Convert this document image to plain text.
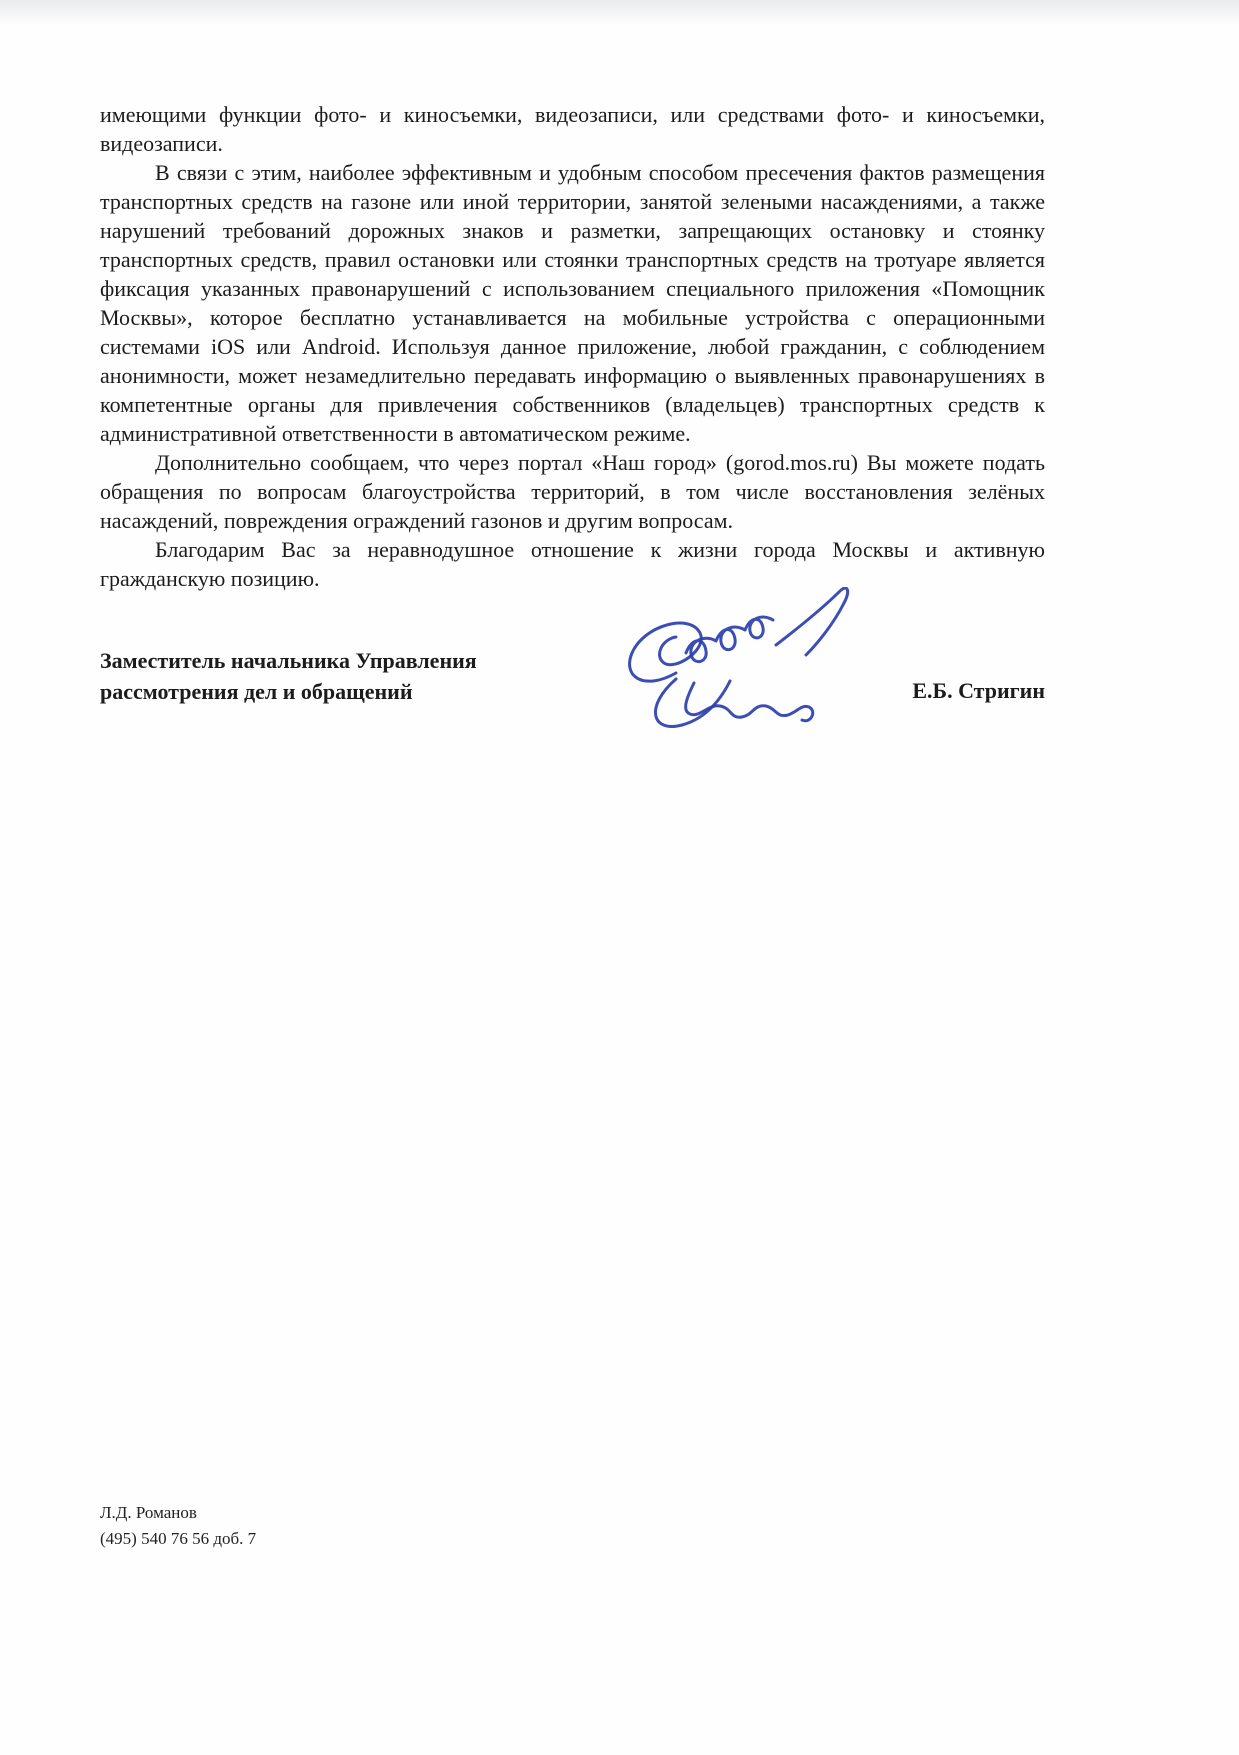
имеющими функции фото- и киносъемки, видеозаписи, или средствами фото- и киносъемки, видеозаписи.

В связи с этим, наиболее эффективным и удобным способом пресечения фактов размещения транспортных средств на газоне или иной территории, занятой зелеными насаждениями, а также нарушений требований дорожных знаков и разметки, запрещающих остановку и стоянку транспортных средств, правил остановки или стоянки транспортных средств на тротуаре является фиксация указанных правонарушений с использованием специального приложения «Помощник Москвы», которое бесплатно устанавливается на мобильные устройства с операционными системами iOS или Android. Используя данное приложение, любой гражданин, с соблюдением анонимности, может незамедлительно передавать информацию о выявленных правонарушениях в компетентные органы для привлечения собственников (владельцев) транспортных средств к административной ответственности в автоматическом режиме.

Дополнительно сообщаем, что через портал «Наш город» (gorod.mos.ru) Вы можете подать обращения по вопросам благоустройства территорий, в том числе восстановления зелёных насаждений, повреждения ограждений газонов и другим вопросам.

Благодарим Вас за неравнодушное отношение к жизни города Москвы и активную гражданскую позицию.

Заместитель начальника Управления
рассмотрения дел и обращений	Е.Б. Стригин
Л.Д. Романов
(495) 540 76 56 доб. 7
